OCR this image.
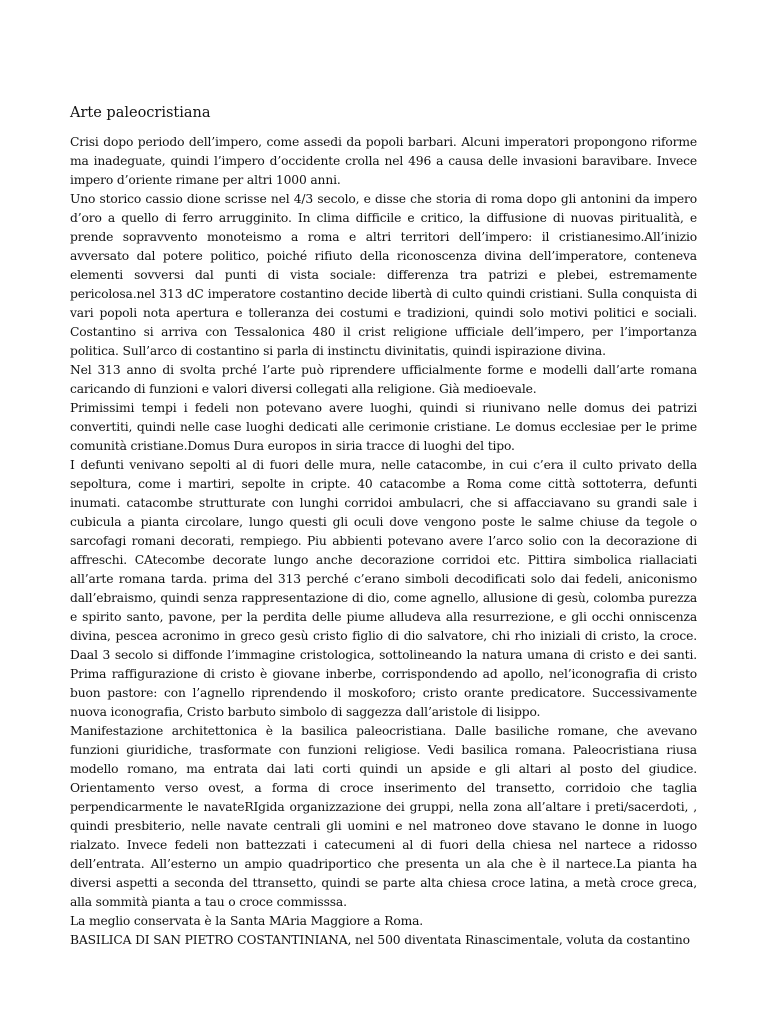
Arte paleocristiana

Crisi dopo periodo dell’impero, come assedi da popoli barbari. Alcuni imperatori propongono riforme ma inadeguate, quindi l’impero d’occidente crolla nel 496 a causa delle invasioni baravibare. Invece impero d’oriente rimane per altri 1000 anni.

Uno storico cassio dione scrisse nel 4/3 secolo, e disse che storia di roma dopo gli antonini da impero d’oro a quello di ferro arrugginito. In clima difficile e critico, la diffusione di nuovas piritualità, e prende sopravvento monoteismo a roma e altri territori dell’impero: il cristianesimo.All’inizio avversato dal potere politico, poiché rifiuto della riconoscenza divina dell’imperatore, conteneva elementi sovversi dal punti di vista sociale: differenza tra patrizi e plebei, estremamente pericolosa.nel 313 dC imperatore costantino decide libertà di culto quindi cristiani. Sulla conquista di vari popoli nota apertura e tolleranza dei costumi e tradizioni, quindi solo motivi politici e sociali. Costantino si arriva con Tessalonica 480 il crist religione ufficiale dell’impero, per l’importanza politica. Sull’arco di costantino si parla di instinctu divinitatis, quindi ispirazione divina.

Nel 313 anno di svolta prché l’arte può riprendere ufficialmente forme e modelli dall’arte romana caricando di funzioni e valori diversi collegati alla religione. Già medioevale.

Primissimi tempi i fedeli non potevano avere luoghi, quindi si riunivano nelle domus dei patrizi convertiti, quindi nelle case luoghi dedicati alle cerimonie cristiane. Le domus ecclesiae per le prime comunità cristiane.Domus Dura europos in siria tracce di luoghi del tipo.

I defunti venivano sepolti al di fuori delle mura, nelle catacombe, in cui c’era il culto privato della sepoltura, come i martiri, sepolte in cripte. 40 catacombe a Roma come città sottoterra, defunti inumati. catacombe strutturate con lunghi corridoi ambulacri, che si affacciavano su grandi sale i cubicula a pianta circolare, lungo questi gli oculi dove vengono poste le salme chiuse da tegole o sarcofagi romani decorati, rempiego. Piu abbienti potevano avere l’arco solio con la decorazione di affreschi. CAtecombe decorate lungo anche decorazione corridoi etc. Pittira simbolica riallaciati all’arte romana tarda. prima del 313 perché c’erano simboli decodificati solo dai fedeli, aniconismo dall’ebraismo, quindi senza rappresentazione di dio, come agnello, allusione di gesù, colomba purezza e spirito santo, pavone, per la perdita delle piume alludeva alla resurrezione, e gli occhi onniscenza divina, pescea acronimo in greco gesù cristo figlio di dio salvatore, chi rho iniziali di cristo, la croce. Daal 3 secolo si diffonde l’immagine cristologica, sottolineando la natura umana di cristo e dei santi. Prima raffigurazione di cristo è giovane inberbe, corrispondendo ad apollo, nel’iconografia di cristo buon pastore: con l’agnello riprendendo il moskoforo; cristo orante predicatore. Successivamente nuova iconografia, Cristo barbuto simbolo di saggezza dall’aristole di lisippo.

Manifestazione architettonica è la basilica paleocristiana. Dalle basiliche romane, che avevano funzioni giuridiche, trasformate con funzioni religiose. Vedi basilica romana. Paleocristiana riusa modello romano, ma entrata dai lati corti quindi un apside e gli altari al posto del giudice. Orientamento verso ovest, a forma di croce inserimento del transetto, corridoio che taglia perpendicarmente le navateRIgida organizzazione dei gruppi, nella zona all’altare i preti/sacerdoti, , quindi presbiterio, nelle navate centrali gli uomini e nel matroneo dove stavano le donne in luogo rialzato. Invece fedeli non battezzati i catecumeni al di fuori della chiesa nel nartece a ridosso dell’entrata. All’esterno un ampio quadriportico che presenta un ala che è il nartece.La pianta ha diversi aspetti a seconda del ttransetto, quindi se parte alta chiesa croce latina, a metà croce greca, alla sommità pianta a tau o croce commisssa.

La meglio conservata è la Santa MAria Maggiore a Roma.

BASILICA DI SAN PIETRO COSTANTINIANA, nel 500 diventata Rinascimentale, voluta da costantino
